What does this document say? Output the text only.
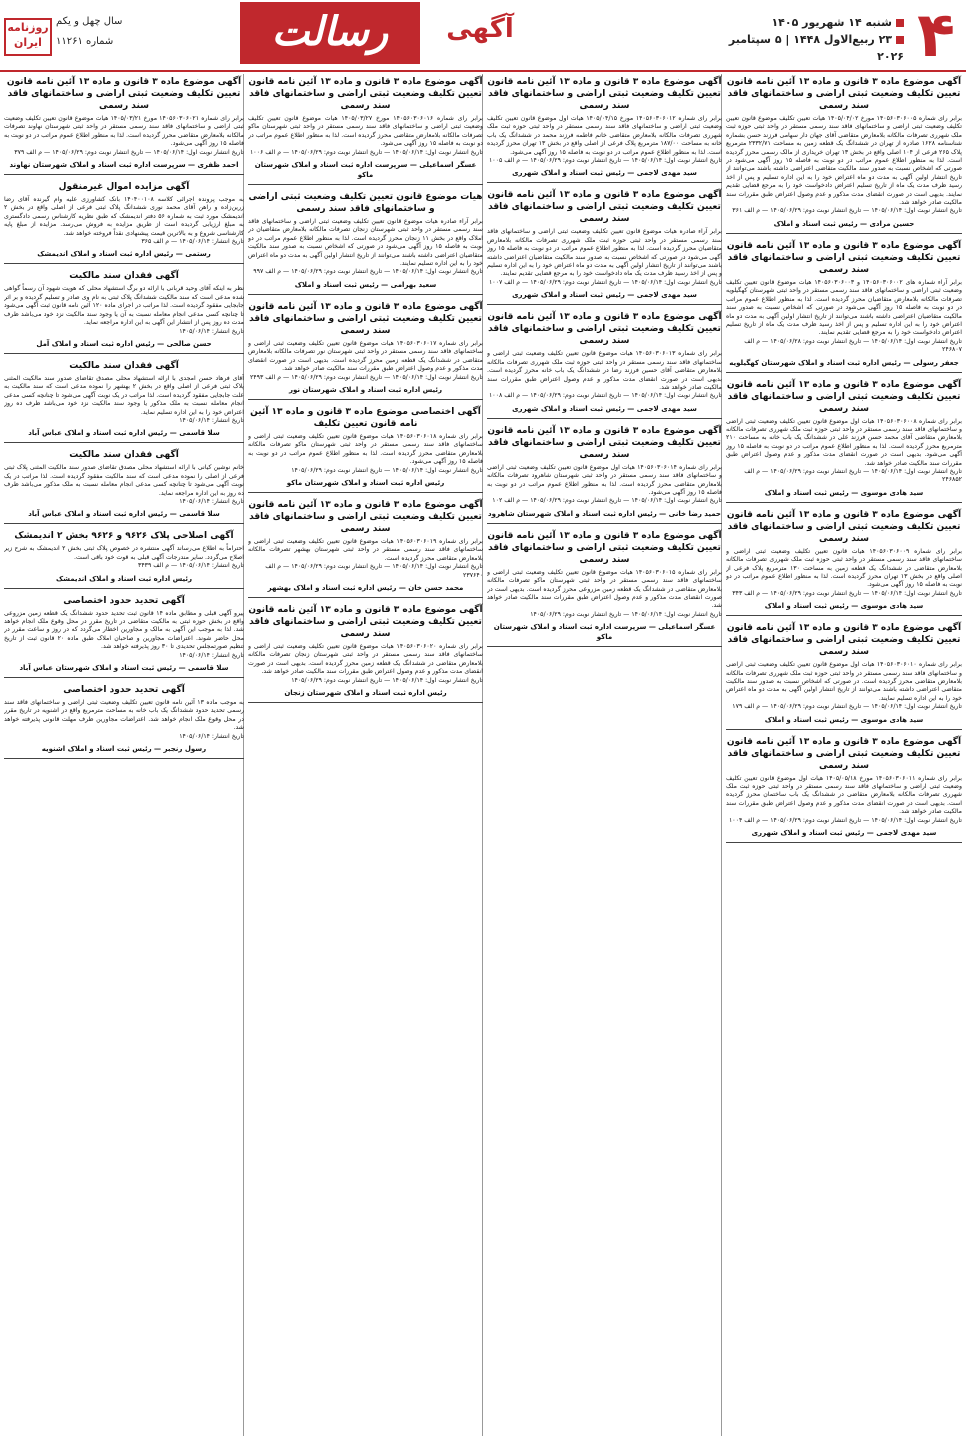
۴
شنبه ۱۴ شهریور ۱۴۰۵
۲۳ ربیع‌الاول ۱۴۴۸ | ۵ سپتامبر ۲۰۲۶
آگهی
رسالت
روزنامه ایران
سال چهل و یکم
شماره ۱۱۲۶۱
آگهی موضوع ماده ۳ قانون و ماده ۱۳ آئین نامه قانون تعیین تکلیف وضعیت ثبتی اراضی و ساختمانهای فاقد سند رسمی

برابر رای شماره ۱۴۰۵۶۰۳۰۶۰۰۵ مورخ ۱۴۰۵/۰۴/۰۲ هیات تعیین تکلیف موضوع قانون تعیین تکلیف وضعیت ثبتی اراضی و ساختمانهای فاقد سند رسمی مستقر در واحد ثبتی حوزه ثبت ملک شهرری تصرفات مالکانه بلامعارض متقاضی آقای جهان دار سهامی فرزند حسن بشماره شناسنامه ۱۶۲۸ صادره از تهران در ششدانگ یک قطعه زمین به مساحت ۲۳۳۲/۷۱ مترمربع پلاک ۲۶۵ فرعی از ۱۰۴ اصلی واقع در بخش ۱۳ تهران خریداری از مالک رسمی محرز گردیده است. لذا به منظور اطلاع عموم مراتب در دو نوبت به فاصله ۱۵ روز آگهی می‌شود در صورتی که اشخاص نسبت به صدور سند مالکیت متقاضی اعتراضی داشته باشند می‌توانند از تاریخ انتشار اولین آگهی به مدت دو ماه اعتراض خود را به این اداره تسلیم و پس از اخذ رسید ظرف مدت یک ماه از تاریخ تسلیم اعتراض دادخواست خود را به مرجع قضایی تقدیم نمایند. بدیهی است در صورت انقضای مدت مذکور و عدم وصول اعتراض طبق مقررات سند مالکیت صادر خواهد شد.

تاریخ انتشار نوبت اول: ۱۴۰۵/۰۶/۱۴ — تاریخ انتشار نوبت دوم: ۱۴۰۵/۰۶/۲۹ — م الف ۳۶۱
حسین مرادی — رئیس ثبت اسناد و املاک
آگهی موضوع ماده ۳ قانون و ماده ۱۳ آئین نامه قانون تعیین تکلیف وضعیت ثبتی اراضی و ساختمانهای فاقد سند رسمی

برابر آراء شماره های ۱۴۰۵۶۰۳۰۶۰۰۲ و ۱۴۰۵۶۰۳۰۶۰۰۳ هیات موضوع قانون تعیین تکلیف وضعیت ثبتی اراضی و ساختمانهای فاقد سند رسمی مستقر در واحد ثبتی شهرستان کهگیلویه تصرفات مالکانه بلامعارض متقاضیان محرز گردیده است. لذا به منظور اطلاع عموم مراتب در دو نوبت به فاصله ۱۵ روز آگهی می‌شود در صورتی که اشخاص نسبت به صدور سند مالکیت متقاضیان اعتراضی داشته باشند می‌توانند از تاریخ انتشار اولین آگهی به مدت دو ماه اعتراض خود را به این اداره تسلیم و پس از اخذ رسید ظرف مدت یک ماه از تاریخ تسلیم اعتراض دادخواست خود را به مرجع قضایی تقدیم نمایند.

تاریخ انتشار نوبت اول: ۱۴۰۵/۰۶/۱۴ — تاریخ انتشار نوبت دوم: ۱۴۰۵/۰۶/۲۸ — م الف ۲۴۶۸۰۷
جعفر رسولی — رئیس اداره ثبت اسناد و املاک شهرستان کهگیلویه
آگهی موضوع ماده ۳ قانون و ماده ۱۳ آئین نامه قانون تعیین تکلیف وضعیت ثبتی اراضی و ساختمانهای فاقد سند رسمی

برابر رای شماره ۱۴۰۵۶۰۳۰۶۰۰۸ هیات اول موضوع قانون تعیین تکلیف وضعیت ثبتی اراضی و ساختمانهای فاقد سند رسمی مستقر در واحد ثبتی حوزه ثبت ملک شهرری تصرفات مالکانه بلامعارض متقاضی آقای محمد حسن فرزند علی در ششدانگ یک باب خانه به مساحت ۲۱۰ مترمربع محرز گردیده است. لذا به منظور اطلاع عموم مراتب در دو نوبت به فاصله ۱۵ روز آگهی می‌شود. بدیهی است در صورت انقضای مدت مذکور و عدم وصول اعتراض طبق مقررات سند مالکیت صادر خواهد شد.

تاریخ انتشار نوبت اول: ۱۴۰۵/۰۶/۱۴ — تاریخ انتشار نوبت دوم: ۱۴۰۵/۰۶/۲۹ — م الف ۲۴۶۸۵۲
سید هادی موسوی — رئیس ثبت اسناد و املاک
آگهی موضوع ماده ۳ قانون و ماده ۱۳ آئین نامه قانون تعیین تکلیف وضعیت ثبتی اراضی و ساختمانهای فاقد سند رسمی

برابر رای شماره ۱۴۰۵۶۰۳۰۶۰۰۹ هیات قانون تعیین تکلیف وضعیت ثبتی اراضی و ساختمانهای فاقد سند رسمی مستقر در واحد ثبتی حوزه ثبت ملک شهرری تصرفات مالکانه بلامعارض متقاضی در ششدانگ یک قطعه زمین به مساحت ۱۳۰ مترمربع پلاک فرعی از اصلی واقع در بخش ۱۳ تهران محرز گردیده است. لذا به منظور اطلاع عموم مراتب در دو نوبت به فاصله ۱۵ روز آگهی می‌شود.

تاریخ انتشار نوبت اول: ۱۴۰۵/۰۶/۱۴ — تاریخ انتشار نوبت دوم: ۱۴۰۵/۰۶/۲۹ — م الف ۳۴۳
سید هادی موسوی — رئیس ثبت اسناد و املاک
آگهی موضوع ماده ۳ قانون و ماده ۱۳ آئین نامه قانون تعیین تکلیف وضعیت ثبتی اراضی و ساختمانهای فاقد سند رسمی

برابر رای شماره ۱۴۰۵۶۰۳۰۶۰۱۰ هیات اول موضوع قانون تعیین تکلیف وضعیت ثبتی اراضی و ساختمانهای فاقد سند رسمی مستقر در واحد ثبتی حوزه ثبت ملک شهرری تصرفات مالکانه بلامعارض متقاضی محرز گردیده است. در صورتی که اشخاص نسبت به صدور سند مالکیت متقاضی اعتراضی داشته باشند می‌توانند از تاریخ انتشار اولین آگهی به مدت دو ماه اعتراض خود را به این اداره تسلیم نمایند.

تاریخ انتشار نوبت اول: ۱۴۰۵/۰۶/۱۴ — تاریخ انتشار نوبت دوم: ۱۴۰۵/۰۶/۲۹ — م الف ۱۷۹
سید هادی موسوی — رئیس ثبت اسناد و املاک
آگهی موضوع ماده ۳ قانون و ماده ۱۳ آئین نامه قانون تعیین تکلیف وضعیت ثبتی اراضی و ساختمانهای فاقد سند رسمی

برابر رای شماره ۱۴۰۵۶۰۳۰۶۰۱۱ مورخ ۱۴۰۵/۰۵/۱۸ هیات اول موضوع قانون تعیین تکلیف وضعیت ثبتی اراضی و ساختمانهای فاقد سند رسمی مستقر در واحد ثبتی حوزه ثبت ملک شهرری تصرفات مالکانه بلامعارض متقاضی در ششدانگ یک باب ساختمان محرز گردیده است. بدیهی است در صورت انقضای مدت مذکور و عدم وصول اعتراض طبق مقررات سند مالکیت صادر خواهد شد.

تاریخ انتشار نوبت اول: ۱۴۰۵/۰۶/۱۴ — تاریخ انتشار نوبت دوم: ۱۴۰۵/۰۶/۲۹ — م الف ۱۰۰۴
سید مهدی لاجمی — رئیس ثبت اسناد و املاک شهرری
آگهی موضوع ماده ۳ قانون و ماده ۱۳ آئین نامه قانون تعیین تکلیف وضعیت ثبتی اراضی و ساختمانهای فاقد سند رسمی

برابر رای شماره ۱۴۰۵۶۰۳۰۶۰۱۲ مورخ ۱۴۰۵/۰۴/۱۵ هیات اول موضوع قانون تعیین تکلیف وضعیت ثبتی اراضی و ساختمانهای فاقد سند رسمی مستقر در واحد ثبتی حوزه ثبت ملک شهرری تصرفات مالکانه بلامعارض متقاضی خانم فاطمه فرزند محمد در ششدانگ یک باب خانه به مساحت ۱۸۷/۰۰ مترمربع پلاک فرعی از اصلی واقع در بخش ۱۳ تهران محرز گردیده است. لذا به منظور اطلاع عموم مراتب در دو نوبت به فاصله ۱۵ روز آگهی می‌شود.

تاریخ انتشار نوبت اول: ۱۴۰۵/۰۶/۱۴ — تاریخ انتشار نوبت دوم: ۱۴۰۵/۰۶/۲۹ — م الف ۱۰۰۵
سید مهدی لاجمی — رئیس ثبت اسناد و املاک شهرری
آگهی موضوع ماده ۳ قانون و ماده ۱۳ آئین نامه قانون تعیین تکلیف وضعیت ثبتی اراضی و ساختمانهای فاقد سند رسمی

برابر آراء صادره هیات موضوع قانون تعیین تکلیف وضعیت ثبتی اراضی و ساختمانهای فاقد سند رسمی مستقر در واحد ثبتی حوزه ثبت ملک شهرری تصرفات مالکانه بلامعارض متقاضیان محرز گردیده است. لذا به منظور اطلاع عموم مراتب در دو نوبت به فاصله ۱۵ روز آگهی می‌شود در صورتی که اشخاص نسبت به صدور سند مالکیت متقاضیان اعتراضی داشته باشند می‌توانند از تاریخ انتشار اولین آگهی به مدت دو ماه اعتراض خود را به این اداره تسلیم و پس از اخذ رسید ظرف مدت یک ماه دادخواست خود را به مرجع قضایی تقدیم نمایند.

تاریخ انتشار نوبت اول: ۱۴۰۵/۰۶/۱۴ — تاریخ انتشار نوبت دوم: ۱۴۰۵/۰۶/۲۹ — م الف ۱۰۰۷
سید مهدی لاجمی — رئیس ثبت اسناد و املاک شهرری
آگهی موضوع ماده ۳ قانون و ماده ۱۳ آئین نامه قانون تعیین تکلیف وضعیت ثبتی اراضی و ساختمانهای فاقد سند رسمی

برابر رای شماره ۱۴۰۵۶۰۳۰۶۰۱۳ هیات موضوع قانون تعیین تکلیف وضعیت ثبتی اراضی و ساختمانهای فاقد سند رسمی مستقر در واحد ثبتی حوزه ثبت ملک شهرری تصرفات مالکانه بلامعارض متقاضی آقای حسین فرزند رضا در ششدانگ یک باب خانه محرز گردیده است. بدیهی است در صورت انقضای مدت مذکور و عدم وصول اعتراض طبق مقررات سند مالکیت صادر خواهد شد.

تاریخ انتشار نوبت اول: ۱۴۰۵/۰۶/۱۴ — تاریخ انتشار نوبت دوم: ۱۴۰۵/۰۶/۲۹ — م الف ۱۰۰۸
سید مهدی لاجمی — رئیس ثبت اسناد و املاک شهرری
آگهی موضوع ماده ۳ قانون و ماده ۱۳ آئین نامه قانون تعیین تکلیف وضعیت ثبتی اراضی و ساختمانهای فاقد سند رسمی

برابر رای شماره ۱۴۰۵۶۰۳۰۶۰۱۴ هیات اول موضوع قانون تعیین تکلیف وضعیت ثبتی اراضی و ساختمانهای فاقد سند رسمی مستقر در واحد ثبتی شهرستان شاهرود تصرفات مالکانه بلامعارض متقاضی محرز گردیده است. لذا به منظور اطلاع عموم مراتب در دو نوبت به فاصله ۱۵ روز آگهی می‌شود.

تاریخ انتشار نوبت اول: ۱۴۰۵/۰۶/۱۴ — تاریخ انتشار نوبت دوم: ۱۴۰۵/۰۶/۲۹ — م الف ۱۰۲
حمید رضا خانی — رئیس اداره ثبت اسناد و املاک شهرستان شاهرود
آگهی موضوع ماده ۳ قانون و ماده ۱۳ آئین نامه قانون تعیین تکلیف وضعیت ثبتی اراضی و ساختمانهای فاقد سند رسمی

برابر رای شماره ۱۴۰۵۶۰۳۰۶۰۱۵ هیات موضوع قانون تعیین تکلیف وضعیت ثبتی اراضی و ساختمانهای فاقد سند رسمی مستقر در واحد ثبتی شهرستان ماکو تصرفات مالکانه بلامعارض متقاضی در ششدانگ یک قطعه زمین مزروعی محرز گردیده است. بدیهی است در صورت انقضای مدت مذکور و عدم وصول اعتراض طبق مقررات سند مالکیت صادر خواهد شد.

تاریخ انتشار نوبت اول: ۱۴۰۵/۰۶/۱۴ — تاریخ انتشار نوبت دوم: ۱۴۰۵/۰۶/۲۹
عسگر اسماعیلی — سرپرست اداره ثبت اسناد و املاک شهرستان ماکو
آگهی موضوع ماده ۳ قانون و ماده ۱۳ آئین نامه قانون تعیین تکلیف وضعیت ثبتی اراضی و ساختمانهای فاقد سند رسمی

برابر رای شماره ۱۴۰۵۶۰۳۰۶۰۱۶ مورخ ۱۴۰۵/۰۳/۲۷ هیات موضوع قانون تعیین تکلیف وضعیت ثبتی اراضی و ساختمانهای فاقد سند رسمی مستقر در واحد ثبتی شهرستان ماکو تصرفات مالکانه بلامعارض متقاضی محرز گردیده است. لذا به منظور اطلاع عموم مراتب در دو نوبت به فاصله ۱۵ روز آگهی می‌شود.

تاریخ انتشار نوبت اول: ۱۴۰۵/۰۶/۱۴ — تاریخ انتشار نوبت دوم: ۱۴۰۵/۰۶/۲۹ — م الف ۱۰۰۶
عسگر اسماعیلی — سرپرست اداره ثبت اسناد و املاک شهرستان ماکو
هیات موضوع قانون تعیین تکلیف وضعیت ثبتی اراضی و ساختمانهای فاقد سند رسمی

برابر آراء صادره هیات موضوع قانون تعیین تکلیف وضعیت ثبتی اراضی و ساختمانهای فاقد سند رسمی مستقر در واحد ثبتی شهرستان زنجان تصرفات مالکانه بلامعارض متقاضیان در املاک واقع در بخش ۱۱ زنجان محرز گردیده است. لذا به منظور اطلاع عموم مراتب در دو نوبت به فاصله ۱۵ روز آگهی می‌شود در صورتی که اشخاص نسبت به صدور سند مالکیت متقاضیان اعتراضی داشته باشند می‌توانند از تاریخ انتشار اولین آگهی به مدت دو ماه اعتراض خود را به این اداره تسلیم نمایند.

تاریخ انتشار نوبت اول: ۱۴۰۵/۰۶/۱۴ — تاریخ انتشار نوبت دوم: ۱۴۰۵/۰۶/۲۹ — م الف ۹۹۷
سعید بهرامی — رئیس ثبت اسناد و املاک
آگهی موضوع ماده ۳ قانون و ماده ۱۳ آئین نامه قانون تعیین تکلیف وضعیت ثبتی اراضی و ساختمانهای فاقد سند رسمی

برابر رای شماره ۱۴۰۵۶۰۳۰۶۰۱۷ هیات موضوع قانون تعیین تکلیف وضعیت ثبتی اراضی و ساختمانهای فاقد سند رسمی مستقر در واحد ثبتی شهرستان نور تصرفات مالکانه بلامعارض متقاضی در ششدانگ یک قطعه زمین محرز گردیده است. بدیهی است در صورت انقضای مدت مذکور و عدم وصول اعتراض طبق مقررات سند مالکیت صادر خواهد شد.

تاریخ انتشار نوبت اول: ۱۴۰۵/۰۶/۱۴ — تاریخ انتشار نوبت دوم: ۱۴۰۵/۰۶/۲۹ — م الف ۲۴۹۳
رئیس اداره ثبت اسناد و املاک شهرستان نور
آگهی اختصاصی موضوع ماده ۳ قانون و ماده ۱۳ آئین نامه قانون تعیین تکلیف

برابر رای شماره ۱۴۰۵۶۰۳۰۶۰۱۸ هیات موضوع قانون تعیین تکلیف وضعیت ثبتی اراضی و ساختمانهای فاقد سند رسمی مستقر در واحد ثبتی شهرستان ماکو تصرفات مالکانه بلامعارض متقاضی محرز گردیده است. لذا به منظور اطلاع عموم مراتب در دو نوبت به فاصله ۱۵ روز آگهی می‌شود.

تاریخ انتشار نوبت اول: ۱۴۰۵/۰۶/۱۴ — تاریخ انتشار نوبت دوم: ۱۴۰۵/۰۶/۲۹
رئیس اداره ثبت اسناد و املاک شهرستان ماکو
آگهی موضوع ماده ۳ قانون و ماده ۱۳ آئین نامه قانون تعیین تکلیف وضعیت ثبتی اراضی و ساختمانهای فاقد سند رسمی

برابر رای شماره ۱۴۰۵۶۰۳۰۶۰۱۹ هیات موضوع قانون تعیین تکلیف وضعیت ثبتی اراضی و ساختمانهای فاقد سند رسمی مستقر در واحد ثبتی شهرستان بهشهر تصرفات مالکانه بلامعارض متقاضی محرز گردیده است.

تاریخ انتشار نوبت اول: ۱۴۰۵/۰۶/۱۴ — تاریخ انتشار نوبت دوم: ۱۴۰۵/۰۶/۲۹ — م الف ۲۳۷۶۴۰
محمد حسن خان — رئیس اداره ثبت اسناد و املاک بهشهر
آگهی موضوع ماده ۳ قانون و ماده ۱۳ آئین نامه قانون تعیین تکلیف وضعیت ثبتی اراضی و ساختمانهای فاقد سند رسمی

برابر رای شماره ۱۴۰۵۶۰۳۰۶۰۲۰ هیات موضوع قانون تعیین تکلیف وضعیت ثبتی اراضی و ساختمانهای فاقد سند رسمی مستقر در واحد ثبتی شهرستان زنجان تصرفات مالکانه بلامعارض متقاضی در ششدانگ یک قطعه زمین محرز گردیده است. بدیهی است در صورت انقضای مدت مذکور و عدم وصول اعتراض طبق مقررات سند مالکیت صادر خواهد شد.

تاریخ انتشار نوبت اول: ۱۴۰۵/۰۶/۱۴ — تاریخ انتشار نوبت دوم: ۱۴۰۵/۰۶/۲۹
رئیس اداره ثبت اسناد و املاک شهرستان زنجان
آگهی موضوع ماده ۳ قانون و ماده ۱۳ آئین نامه قانون تعیین تکلیف وضعیت ثبتی اراضی و ساختمانهای فاقد سند رسمی

برابر رای شماره ۱۴۰۵۶۰۳۰۶۰۲۱ مورخ ۱۴۰۵/۰۳/۲۱ هیات موضوع قانون تعیین تکلیف وضعیت ثبتی اراضی و ساختمانهای فاقد سند رسمی مستقر در واحد ثبتی شهرستان نهاوند تصرفات مالکانه بلامعارض متقاضی محرز گردیده است. لذا به منظور اطلاع عموم مراتب در دو نوبت به فاصله ۱۵ روز آگهی می‌شود.

تاریخ انتشار نوبت اول: ۱۴۰۵/۰۶/۱۴ — تاریخ انتشار نوبت دوم: ۱۴۰۵/۰۶/۲۹ — م الف ۳۷۹
احمد ظفری — سرپرست اداره ثبت اسناد و املاک شهرستان نهاوند
آگهی مزایده اموال غیرمنقول

به موجب پرونده اجرائی کلاسه ۱۴۰۴۰۰۱۰۸ بانک کشاورزی علیه وام گیرنده آقای رضا زرین‌زاده و راهن آقای محمد نوری ششدانگ پلاک ثبتی فرعی از اصلی واقع در بخش ۲ اندیمشک مورد ثبت به شماره ۵۶ دفتر اندیمشک که طبق نظریه کارشناس رسمی دادگستری به مبلغ ارزیابی گردیده است از طریق مزایده به فروش می‌رسد. مزایده از مبلغ پایه کارشناسی شروع و به بالاترین قیمت پیشنهادی نقداً فروخته خواهد شد.

تاریخ انتشار: ۱۴۰۵/۰۶/۱۴ — م الف ۳۶۵
رستمی — رئیس اداره ثبت اسناد و املاک اندیمشک
آگهی فقدان سند مالکیت

نظر به اینکه آقای وحید قربانی با ارائه دو برگ استشهاد محلی که هویت شهود آن رسماً گواهی شده مدعی است که سند مالکیت ششدانگ پلاک ثبتی به نام وی صادر و تسلیم گردیده و بر اثر جابجایی مفقود گردیده است. لذا مراتب در اجرای ماده ۱۲۰ آئین نامه قانون ثبت آگهی می‌شود تا چنانچه کسی مدعی انجام معامله نسبت به آن یا وجود سند مالکیت نزد خود می‌باشد ظرف مدت ده روز پس از انتشار این آگهی به این اداره مراجعه نماید.

تاریخ انتشار: ۱۴۰۵/۰۶/۱۴
حسن صالحی — رئیس اداره ثبت اسناد و املاک آمل
آگهی فقدان سند مالکیت

آقای فرهاد حسن امجدی با ارائه استشهاد محلی مصدق تقاضای صدور سند مالکیت المثنی پلاک ثبتی فرعی از اصلی واقع در بخش ۲ بهشهر را نموده مدعی است که سند مالکیت به علت جابجایی مفقود گردیده است. لذا مراتب در یک نوبت آگهی می‌شود تا چنانچه کسی مدعی انجام معامله نسبت به ملک مذکور یا وجود سند مالکیت نزد خود می‌باشد ظرف ده روز اعتراض خود را به این اداره تسلیم نماید.

تاریخ انتشار: ۱۴۰۵/۰۶/۱۴
سلا قاسمی — رئیس اداره ثبت اسناد و املاک عباس آباد
آگهی فقدان سند مالکیت

خانم نوشین کیانی با ارائه استشهاد محلی مصدق تقاضای صدور سند مالکیت المثنی پلاک ثبتی فرعی از اصلی را نموده مدعی است که سند مالکیت مفقود گردیده است. لذا مراتب در یک نوبت آگهی می‌شود تا چنانچه کسی مدعی انجام معامله نسبت به ملک مذکور می‌باشد ظرف ده روز به این اداره مراجعه نماید.

تاریخ انتشار: ۱۴۰۵/۰۶/۱۴
سلا قاسمی — رئیس اداره ثبت اسناد و املاک عباس آباد
آگهی اصلاحی پلاک ۹۶۲۶ و ۹۶۲۶ بخش ۲ اندیمشک

احتراماً به اطلاع می‌رساند آگهی منتشره در خصوص پلاک ثبتی بخش ۲ اندیمشک به شرح زیر اصلاح می‌گردد. سایر مندرجات آگهی قبلی به قوت خود باقی است.

تاریخ انتشار: ۱۴۰۵/۰۶/۱۴ — م الف ۳۴۳۹
رئیس اداره ثبت اسناد و املاک اندیمشک
آگهی تحدید حدود اختصاصی

پیرو آگهی قبلی و مطابق ماده ۱۴ قانون ثبت تحدید حدود ششدانگ یک قطعه زمین مزروعی واقع در بخش حوزه ثبتی به مالکیت متقاضی در تاریخ مقرر در محل وقوع ملک انجام خواهد شد. لذا به موجب این آگهی به مالک و مجاورین اخطار می‌گردد که در روز و ساعت مقرر در محل حاضر شوند. اعتراضات مجاورین و صاحبان املاک طبق ماده ۲۰ قانون ثبت از تاریخ تنظیم صورتمجلس تحدیدی تا ۳۰ روز پذیرفته خواهد شد.

تاریخ انتشار: ۱۴۰۵/۰۶/۱۴
سلا قاسمی — رئیس ثبت اسناد و املاک شهرستان عباس آباد
آگهی تحدید حدود اختصاصی

به موجب ماده ۱۳ آئین نامه قانون تعیین تکلیف وضعیت ثبتی اراضی و ساختمانهای فاقد سند رسمی تحدید حدود ششدانگ یک باب خانه به مساحت مترمربع واقع در اشنویه در تاریخ مقرر در محل وقوع ملک انجام خواهد شد. اعتراضات مجاورین ظرف مهلت قانونی پذیرفته خواهد شد.

تاریخ انتشار: ۱۴۰۵/۰۶/۱۴
رسول رنجبر — رئیس ثبت اسناد و املاک اشنویه
